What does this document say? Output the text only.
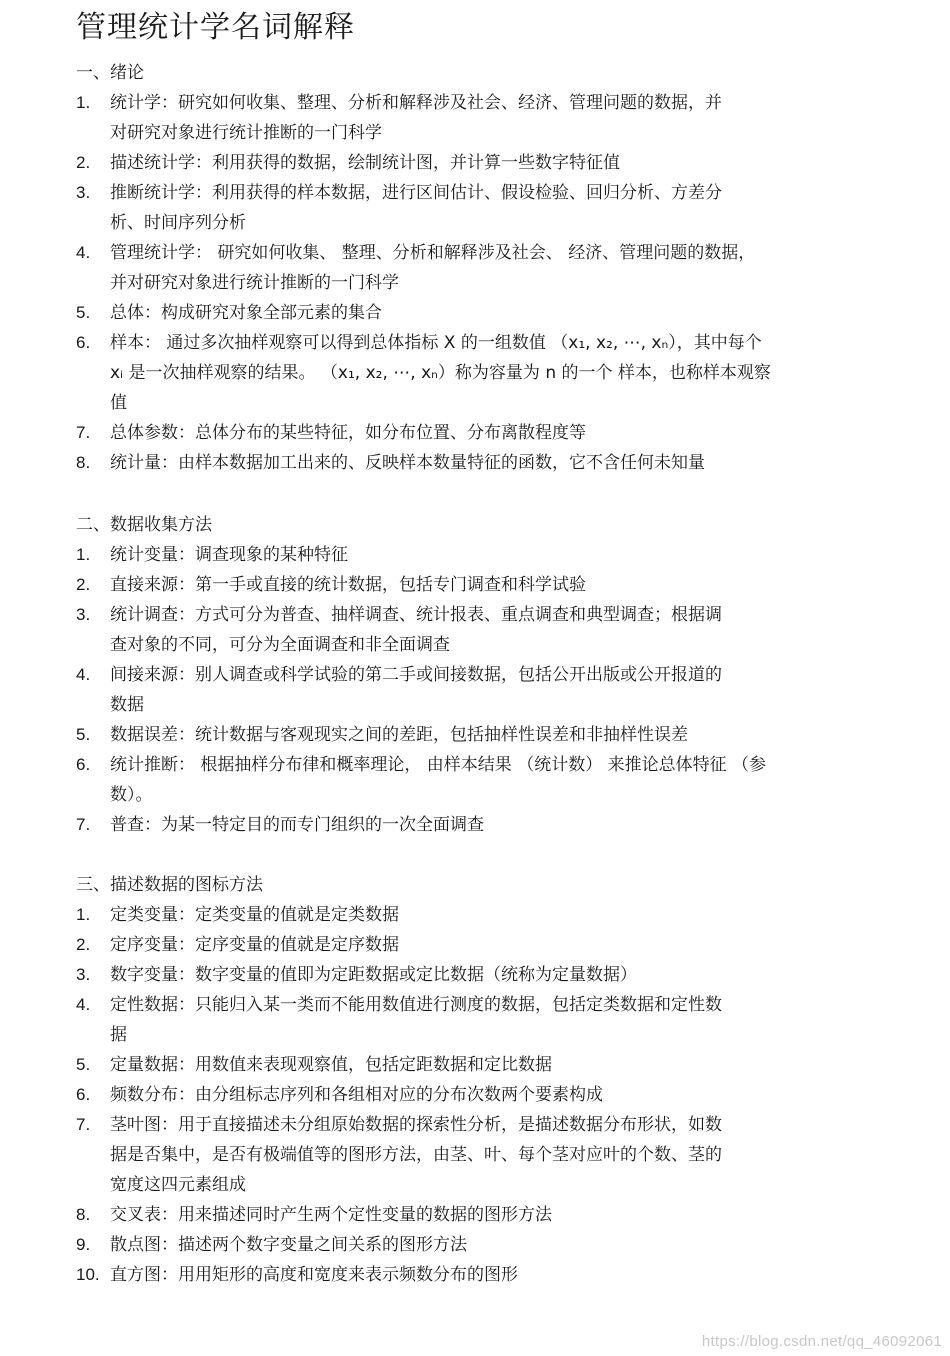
管理统计学名词解释
一、绪论
1. 统计学：研究如何收集、整理、分析和解释涉及社会、经济、管理问题的数据，并
对研究对象进行统计推断的一门科学
2. 描述统计学：利用获得的数据，绘制统计图，并计算一些数字特征值
3. 推断统计学：利用获得的样本数据，进行区间估计、假设检验、回归分析、方差分
析、时间序列分析
4. 管理统计学： 研究如何收集、 整理、分析和解释涉及社会、 经济、管理问题的数据，
并对研究对象进行统计推断的一门科学
5. 总体：构成研究对象全部元素的集合
6. 样本： 通过多次抽样观察可以得到总体指标 X 的一组数值 （x₁, x₂, ⋯, xₙ），其中每个
xᵢ 是一次抽样观察的结果。 （x₁, x₂, ⋯, xₙ）称为容量为 n 的一个 样本，也称样本观察
值
7. 总体参数：总体分布的某些特征，如分布位置、分布离散程度等
8. 统计量：由样本数据加工出来的、反映样本数量特征的函数，它不含任何未知量
二、数据收集方法
1. 统计变量：调查现象的某种特征
2. 直接来源：第一手或直接的统计数据，包括专门调查和科学试验
3. 统计调查：方式可分为普查、抽样调查、统计报表、重点调查和典型调查；根据调
查对象的不同，可分为全面调查和非全面调查
4. 间接来源：别人调查或科学试验的第二手或间接数据，包括公开出版或公开报道的
数据
5. 数据误差：统计数据与客观现实之间的差距，包括抽样性误差和非抽样性误差
6. 统计推断： 根据抽样分布律和概率理论， 由样本结果 （统计数） 来推论总体特征 （参
数）。
7. 普查：为某一特定目的而专门组织的一次全面调查
三、描述数据的图标方法
1. 定类变量：定类变量的值就是定类数据
2. 定序变量：定序变量的值就是定序数据
3. 数字变量：数字变量的值即为定距数据或定比数据（统称为定量数据）
4. 定性数据：只能归入某一类而不能用数值进行测度的数据，包括定类数据和定性数
据
5. 定量数据：用数值来表现观察值，包括定距数据和定比数据
6. 频数分布：由分组标志序列和各组相对应的分布次数两个要素构成
7. 茎叶图：用于直接描述未分组原始数据的探索性分析，是描述数据分布形状，如数
据是否集中，是否有极端值等的图形方法，由茎、叶、每个茎对应叶的个数、茎的
宽度这四元素组成
8. 交叉表：用来描述同时产生两个定性变量的数据的图形方法
9. 散点图：描述两个数字变量之间关系的图形方法
10. 直方图：用用矩形的高度和宽度来表示频数分布的图形
https://blog.csdn.net/qq_46092061
